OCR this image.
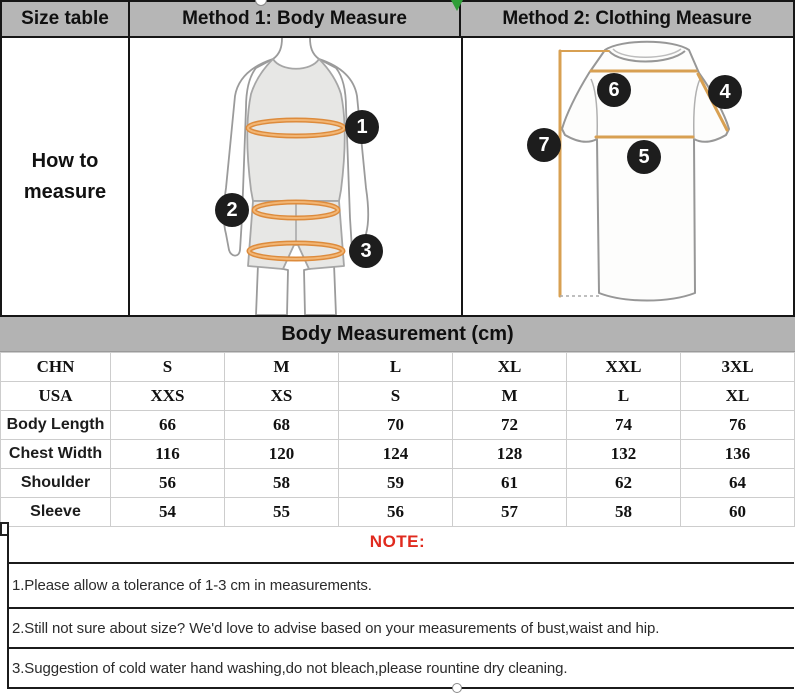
Size table	Method 1: Body Measure	Method 2: Clothing Measure
How to
measure
1
2
3
4
5
6
7
Body Measurement (cm)
CHN	S	M	L	XL	XXL	3XL
USA	XXS	XS	S	M	L	XL
Body Length	66	68	70	72	74	76
Chest Width	116	120	124	128	132	136
Shoulder	56	58	59	61	62	64
Sleeve	54	55	56	57	58	60
NOTE:
1.Please allow a tolerance of 1-3 cm in measurements.
2.Still not sure about size? We'd love to advise based on your measurements of bust,waist and hip.
3.Suggestion of cold water hand washing,do not bleach,please rountine dry cleaning.
